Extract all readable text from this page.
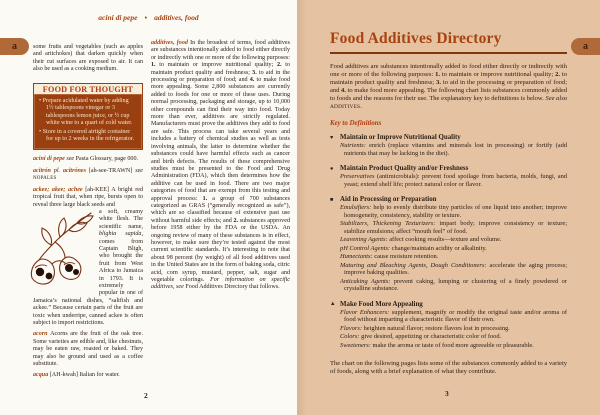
acini di pepe • additives, food
a	some fruits and vegetables (such as apples and artichokes) that darken quickly when their cut surfaces are exposed to air. It can also be used as a cooking medium.
FOOD FOR THOUGHT
• Prepare acidulated water by adding 1½ tablespoons vinegar or 3 tablespoons lemon juice, or ½ cup white wine to a quart of cold water.
• Store in a covered airtight container for up to 2 weeks in the refrigerator.
acini di pepe see Pasta Glossary, page 000.
acitrón pl. acitrónes [ah-see-TRAWN] see NOPALES
ackee; akee; achee [ah-KEE] A bright red tropical fruit that, when ripe, bursts open to reveal three large black seeds and
a soft, creamy white flesh. The scientific name, blighia sapida, comes from Captain Bligh, who brought the fruit from West Africa to Jamaica in 1793. It is extremely popular in one of Jamaica’s national dishes, “saltfish and ackee.” Because certain parts of the fruit are toxic when underripe, canned ackee is often subject to import restrictions.
acorn Acorns are the fruit of the oak tree. Some varieties are edible and, like chestnuts, may be eaten raw, roasted or baked. They may also be ground and used as a coffee substitute.
acqua [AH-kwah] Italian for water.
additives, food In the broadest of terms, food additives are substances intentionally added to food either directly or indirectly with one or more of the following purposes: 1. to maintain or improve nutritional quality; 2. to maintain product quality and freshness; 3. to aid in the processing or preparation of food; and 4. to make food more appealing. Some 2,800 substances are currently added to foods for one or more of these uses. During normal processing, packaging and storage, up to 10,000 other compounds can find their way into food. Today more than ever, additives are strictly regulated. Manufacturers must prove the additives they add to food are safe. This process can take several years and includes a battery of chemical studies as well as tests involving animals, the latter to determine whether the substances could have harmful effects such as cancer and birth defects. The results of these comprehensive studies must be presented to the Food and Drug Administration (FDA), which then determines how the additive can be used in food. There are two major categories of food that are exempt from this testing and approval process: 1. a group of 700 substances categorized as GRAS (“generally recognized as safe”), which are so classified because of extensive past use without harmful side effects; and 2. substances approved before 1958 either by the FDA or the USDA. An ongoing review of many of these substances is in effect, however, to make sure they’re tested against the most current scientific standards. It’s interesting to note that about 98 percent (by weight) of all food additives used in the United States are in the form of baking soda, citric acid, corn syrup, mustard, pepper, salt, sugar and vegetable colorings. For information on specific additives, see Food Additives Directory that follows.
2
a
Food Additives Directory
Food additives are substances intentionally added to food either directly or indirectly with one or more of the following purposes: 1. to maintain or improve nutritional quality; 2. to maintain product quality and freshness; 3. to aid in the processing or preparation of food; and 4. to make food more appealing. The following chart lists substances commonly added to foods and the reasons for their use. The explanatory key to definitions is below. See also ADDITIVES.
Key to Definitions
♥ Maintain or Improve Nutritional Quality
Nutrients: enrich (replace vitamins and minerals lost in processing) or fortify (add nutrients that may be lacking in the diet).
● Maintain Product Quality and/or Freshness
Preservatives (antimicrobials): prevent food spoilage from bacteria, molds, fungi, and yeast; extend shelf life; protect natural color or flavor.
■ Aid in Processing or Preparation
Emulsifiers: help to evenly distribute tiny particles of one liquid into another; improve homogeneity, consistency, stability or texture.
Stabilizers, Thickening Texturizers: impart body; improve consistency or texture; stabilize emulsions; affect “mouth feel” of food.
Leavening Agents: affect cooking results—texture and volume.
pH Control Agents: change/maintain acidity or alkalinity.
Humectants: cause moisture retention.
Maturing and Bleaching Agents, Dough Conditioners: accelerate the aging process; improve baking qualities.
Anticaking Agents: prevent caking, lumping or clustering of a finely powdered or crystalline substance.
▲ Make Food More Appealing
Flavor Enhancers: supplement, magnify or modify the original taste and/or aroma of food without imparting a characteristic flavor of their own.
Flavors: heighten natural flavor; restore flavors lost in processing.
Colors: give desired, appetizing or characteristic color of food.
Sweeteners: make the aroma or taste of food more agreeable or pleasurable.
The chart on the following pages lists some of the substances commonly added to a variety of foods, along with a brief explanation of what they contribute.
3
